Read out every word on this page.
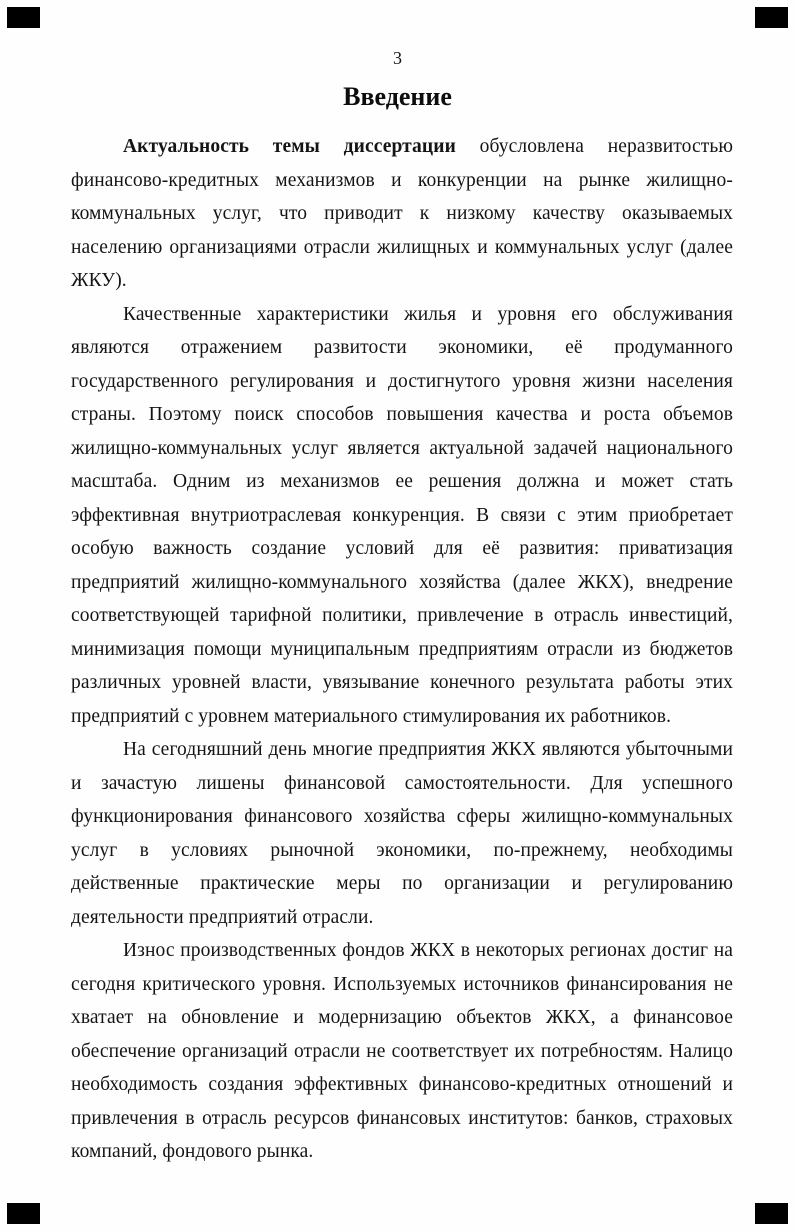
3
Введение

Актуальность темы диссертации обусловлена неразвитостью финансово-кредитных механизмов и конкуренции на рынке жилищно-коммунальных услуг, что приводит к низкому качеству оказываемых населению организациями отрасли жилищных и коммунальных услуг (далее ЖКУ).

Качественные характеристики жилья и уровня его обслуживания являются отражением развитости экономики, её продуманного государственного регулирования и достигнутого уровня жизни населения страны. Поэтому поиск способов повышения качества и роста объемов жилищно-коммунальных услуг является актуальной задачей национального масштаба. Одним из механизмов ее решения должна и может стать эффективная внутриотраслевая конкуренция. В связи с этим приобретает особую важность создание условий для её развития: приватизация предприятий жилищно-коммунального хозяйства (далее ЖКХ), внедрение соответствующей тарифной политики, привлечение в отрасль инвестиций, минимизация помощи муниципальным предприятиям отрасли из бюджетов различных уровней власти, увязывание конечного результата работы этих предприятий с уровнем материального стимулирования их работников.

На сегодняшний день многие предприятия ЖКХ являются убыточными и зачастую лишены финансовой самостоятельности. Для успешного функционирования финансового хозяйства сферы жилищно-коммунальных услуг в условиях рыночной экономики, по-прежнему, необходимы действенные практические меры по организации и регулированию деятельности предприятий отрасли.

Износ производственных фондов ЖКХ в некоторых регионах достиг на сегодня критического уровня. Используемых источников финансирования не хватает на обновление и модернизацию объектов ЖКХ, а финансовое обеспечение организаций отрасли не соответствует их потребностям. Налицо необходимость создания эффективных финансово-кредитных отношений и привлечения в отрасль ресурсов финансовых институтов: банков, страховых компаний, фондового рынка.
